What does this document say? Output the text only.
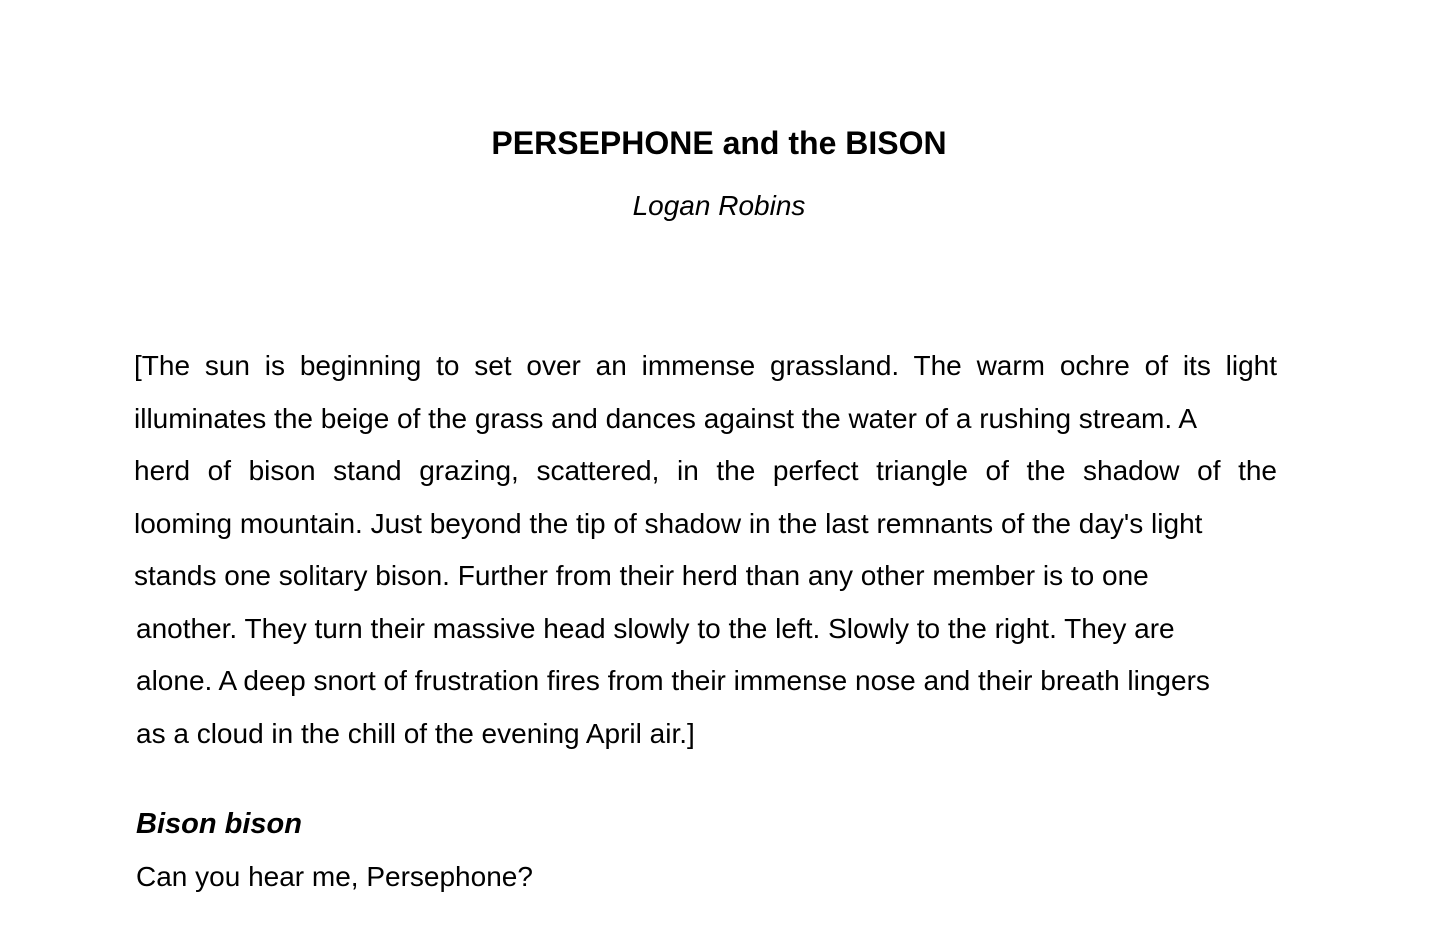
PERSEPHONE and the BISON
Logan Robins
[The sun is beginning to set over an immense grassland. The warm ochre of its light
illuminates the beige of the grass and dances against the water of a rushing stream. A
herd of bison stand grazing, scattered, in the perfect triangle of the shadow of the
looming mountain. Just beyond the tip of shadow in the last remnants of the day's light
stands one solitary bison. Further from their herd than any other member is to one
another. They turn their massive head slowly to the left. Slowly to the right. They are
alone. A deep snort of frustration fires from their immense nose and their breath lingers
as a cloud in the chill of the evening April air.]
Bison bison
Can you hear me, Persephone?
